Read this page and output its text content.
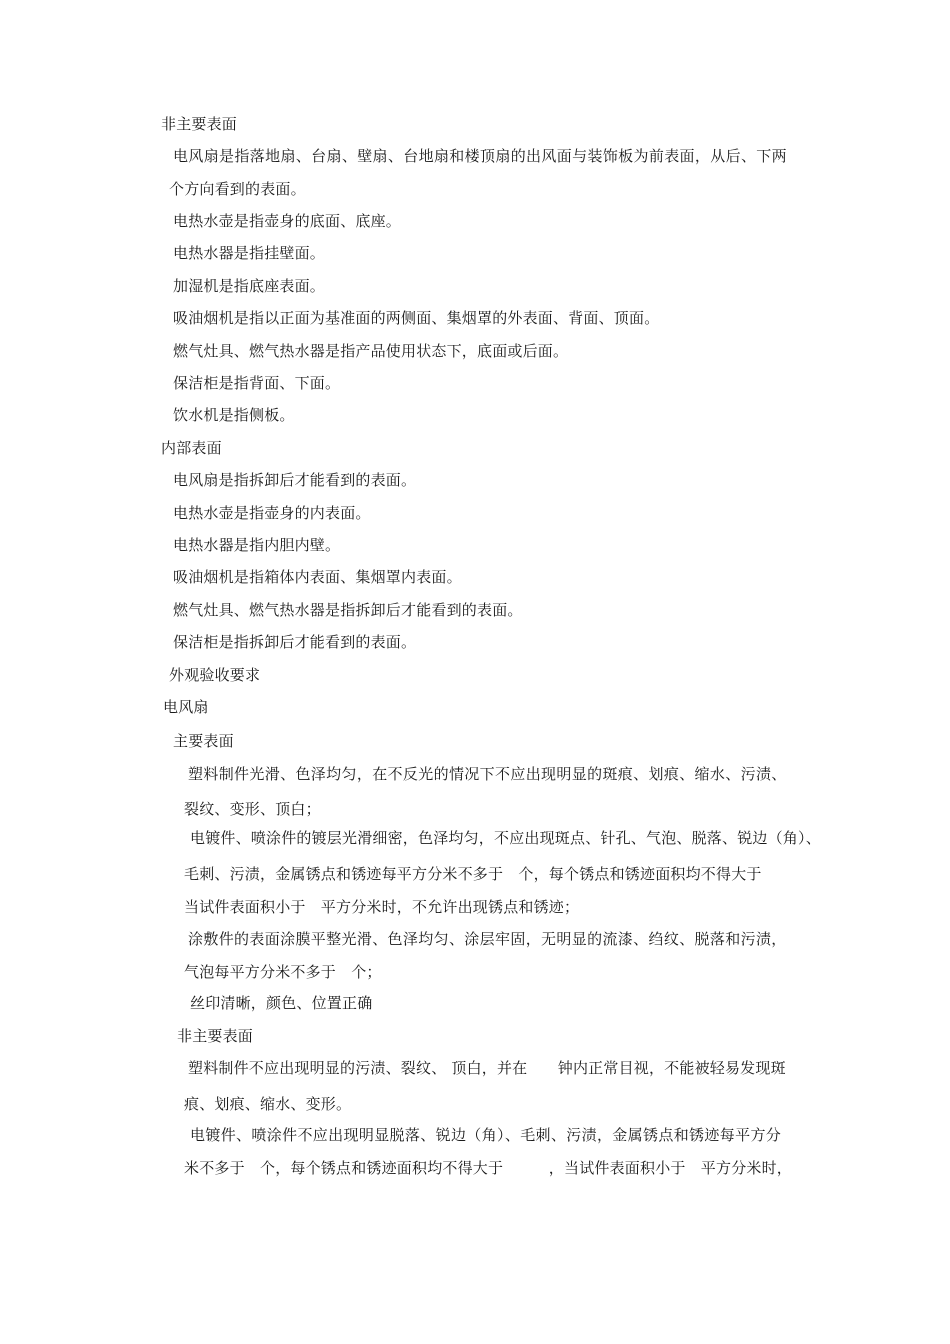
非主要表面
电风扇是指落地扇、台扇、壁扇、台地扇和楼顶扇的出风面与装饰板为前表面，从后、下两
个方向看到的表面。
电热水壶是指壶身的底面、底座。
电热水器是指挂壁面。
加湿机是指底座表面。
吸油烟机是指以正面为基准面的两侧面、集烟罩的外表面、背面、顶面。
燃气灶具、燃气热水器是指产品使用状态下，底面或后面。
保洁柜是指背面、下面。
饮水机是指侧板。
内部表面
电风扇是指拆卸后才能看到的表面。
电热水壶是指壶身的内表面。
电热水器是指内胆内壁。
吸油烟机是指箱体内表面、集烟罩内表面。
燃气灶具、燃气热水器是指拆卸后才能看到的表面。
保洁柜是指拆卸后才能看到的表面。
外观验收要求
电风扇
主要表面
塑料制件光滑、色泽均匀，在不反光的情况下不应出现明显的斑痕、划痕、缩水、污渍、
裂纹、变形、顶白；
电镀件、喷涂件的镀层光滑细密，色泽均匀，不应出现斑点、针孔、气泡、脱落、锐边（角）、
毛刺、污渍，金属锈点和锈迹每平方分米不多于　个，每个锈点和锈迹面积均不得大于
当试件表面积小于　平方分米时，不允许出现锈点和锈迹；
涂敷件的表面涂膜平整光滑、色泽均匀、涂层牢固，无明显的流漆、绉纹、脱落和污渍，
气泡每平方分米不多于　个；
丝印清晰，颜色、位置正确
非主要表面
塑料制件不应出现明显的污渍、裂纹、 顶白，并在　　钟内正常目视，不能被轻易发现斑
痕、划痕、缩水、变形。
电镀件、喷涂件不应出现明显脱落、锐边（角）、毛刺、污渍，金属锈点和锈迹每平方分
米不多于　个，每个锈点和锈迹面积均不得大于　　　，当试件表面积小于　平方分米时，
